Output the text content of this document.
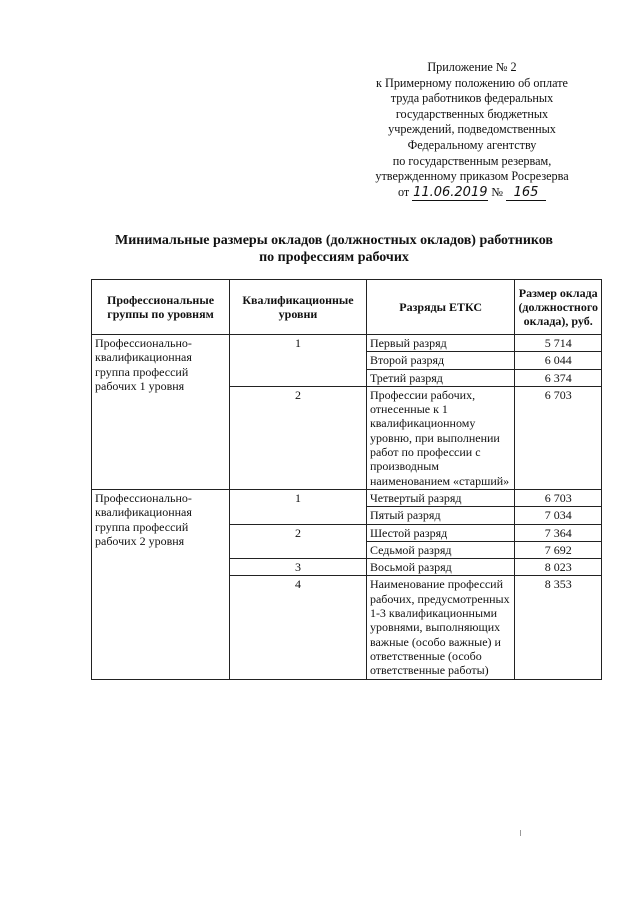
Приложение № 2
к Примерному положению об оплате
труда работников федеральных
государственных бюджетных
учреждений, подведомственных
Федеральному агентству
по государственным резервам,
утвержденному приказом Росрезерва
от 11.06.2019 № 165
Минимальные размеры окладов (должностных окладов) работников
по профессиям рабочих
Профессиональные группы по уровням	Квалификационные уровни	Разряды ЕТКС	Размер оклада (должностного оклада), руб.
Профессионально-квалификационная группа профессий рабочих 1 уровня	1	Первый разряд	5 714
		Второй разряд	6 044
		Третий разряд	6 374
	2	Профессии рабочих, отнесенные к 1 квалификационному уровню, при выполнении работ по профессии с производным наименованием «старший»	6 703
Профессионально-квалификационная группа профессий рабочих 2 уровня	1	Четвертый разряд	6 703
		Пятый разряд	7 034
	2	Шестой разряд	7 364
		Седьмой разряд	7 692
	3	Восьмой разряд	8 023
	4	Наименование профессий рабочих, предусмотренных 1-3 квалификационными уровнями, выполняющих важные (особо важные) и ответственные (особо ответственные работы)	8 353
